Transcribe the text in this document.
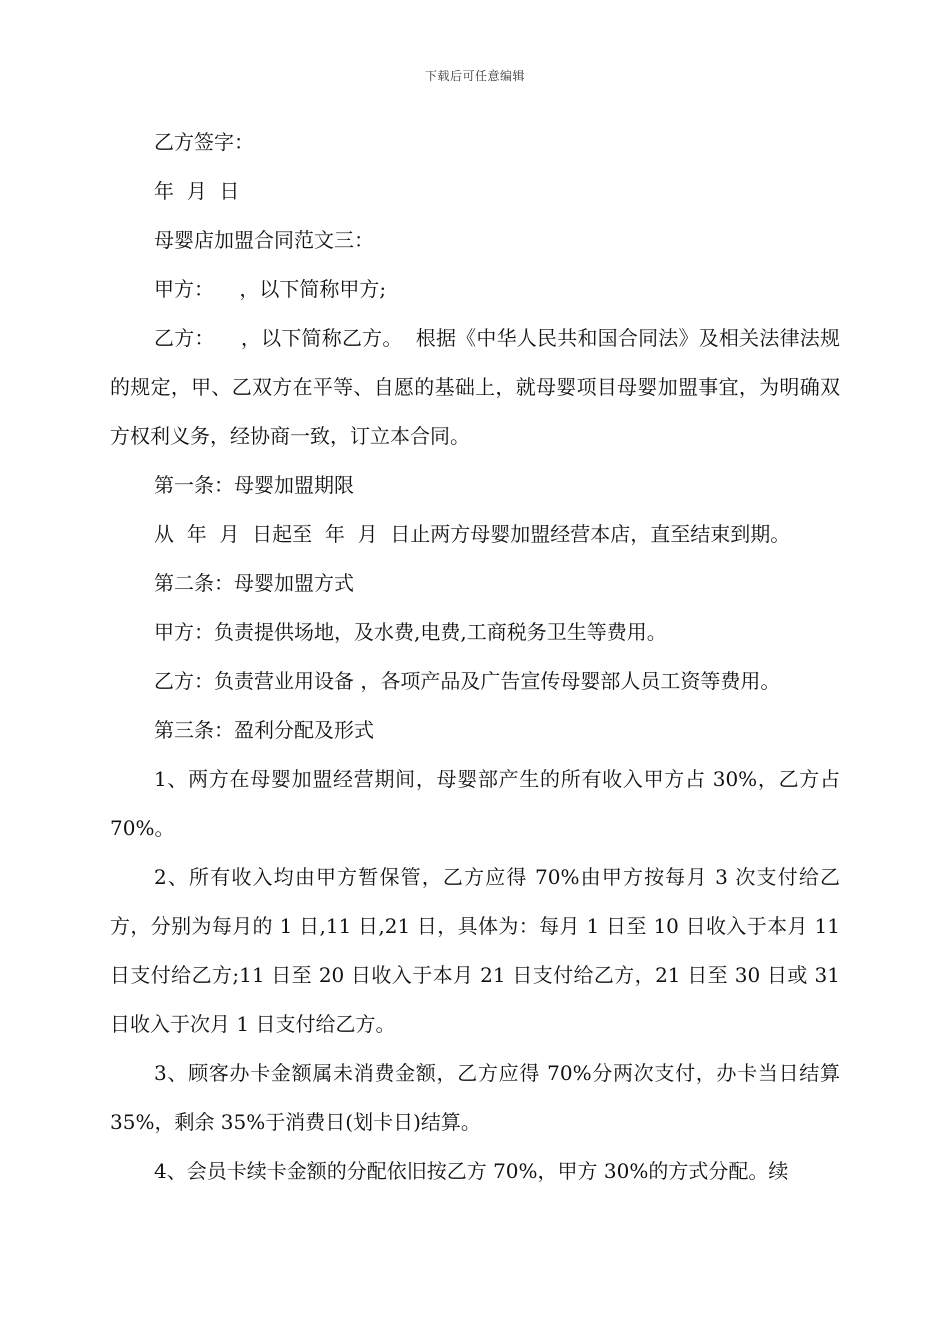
下载后可任意编辑

乙方签字：

年  月  日

母婴店加盟合同范文三：

甲方：    ，以下简称甲方;

乙方：    ，以下简称乙方。  根据《中华人民共和国合同法》及相关法律法规的规定，甲、乙双方在平等、自愿的基础上，就母婴项目母婴加盟事宜，为明确双方权利义务，经协商一致，订立本合同。

第一条：母婴加盟期限

从  年  月  日起至  年  月  日止两方母婴加盟经营本店，直至结束到期。

第二条：母婴加盟方式

甲方：负责提供场地，及水费,电费,工商税务卫生等费用。

乙方：负责营业用设备 ，各项产品及广告宣传母婴部人员工资等费用。

第三条：盈利分配及形式

1、两方在母婴加盟经营期间，母婴部产生的所有收入甲方占 30%，乙方占 70%。

2、所有收入均由甲方暂保管，乙方应得 70%由甲方按每月 3 次支付给乙方，分别为每月的 1 日,11 日,21 日，具体为：每月 1 日至 10 日收入于本月 11 日支付给乙方;11 日至 20 日收入于本月 21 日支付给乙方，21 日至 30 日或 31 日收入于次月 1 日支付给乙方。

3、顾客办卡金额属未消费金额，乙方应得 70%分两次支付，办卡当日结算 35%，剩余 35%于消费日(划卡日)结算。

4、会员卡续卡金额的分配依旧按乙方 70%，甲方 30%的方式分配。续
